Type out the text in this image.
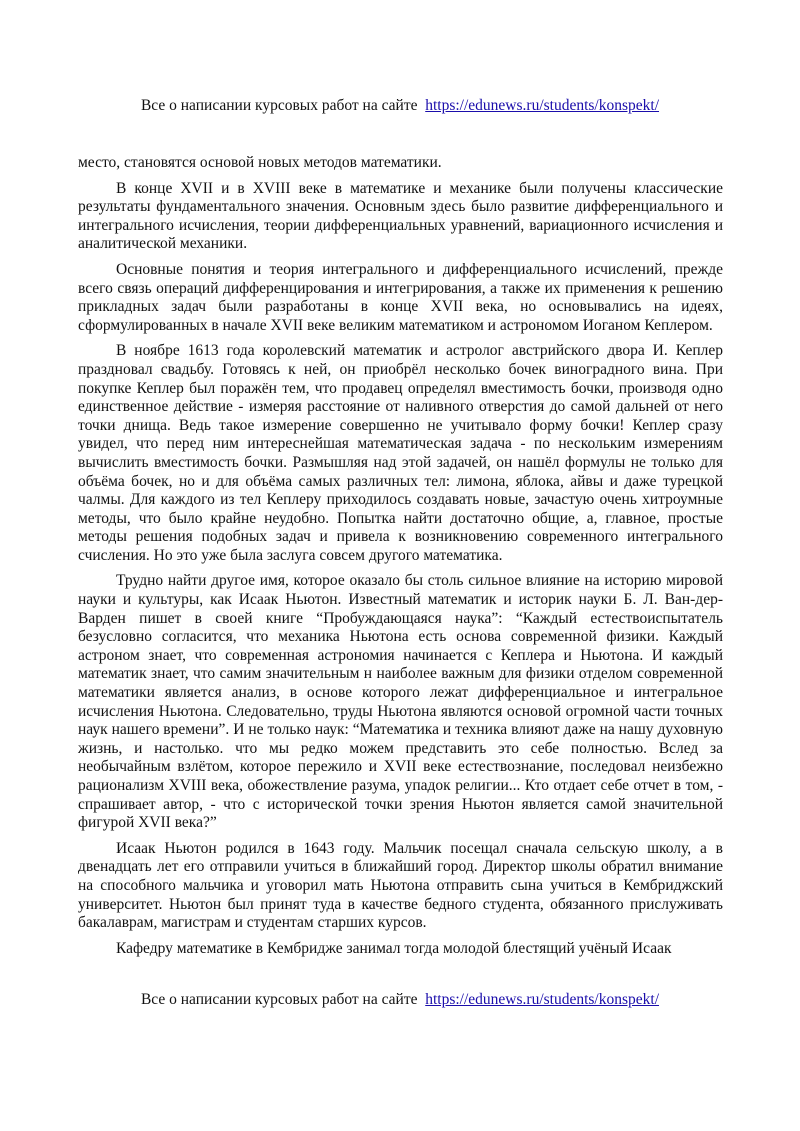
Все о написании курсовых работ на сайте https://edunews.ru/students/konspekt/

место, становятся основой новых методов математики.

В конце XVII и в XVIII веке в математике и механике были получены классические результаты фундаментального значения. Основным здесь было развитие дифференциального и интегрального исчисления, теории дифференциальных уравнений, вариационного исчисления и аналитической механики.

Основные понятия и теория интегрального и дифференциального исчислений, прежде всего связь операций дифференцирования и интегрирования, а также их применения к решению прикладных задач были разработаны в конце XVII века, но основывались на идеях, сформулированных в начале XVII веке великим математиком и астрономом Иоганом Кеплером.

В ноябре 1613 года королевский математик и астролог австрийского двора И. Кеплер праздновал свадьбу. Готовясь к ней, он приобрёл несколько бочек виноградного вина. При покупке Кеплер был поражён тем, что продавец определял вместимость бочки, производя одно единственное действие - измеряя расстояние от наливного отверстия до самой дальней от него точки днища. Ведь такое измерение совершенно не учитывало форму бочки! Кеплер сразу увидел, что перед ним интереснейшая математическая задача - по нескольким измерениям вычислить вместимость бочки. Размышляя над этой задачей, он нашёл формулы не только для объёма бочек, но и для объёма самых различных тел: лимона, яблока, айвы и даже турецкой чалмы. Для каждого из тел Кеплеру приходилось создавать новые, зачастую очень хитроумные методы, что было крайне неудобно. Попытка найти достаточно общие, а, главное, простые методы решения подобных задач и привела к возникновению современного интегрального счисления. Но это уже была заслуга совсем другого математика.

Трудно найти другое имя, которое оказало бы столь сильное влияние на историю мировой науки и культуры, как Исаак Ньютон. Известный математик и историк науки Б. Л. Ван-дер-Варден пишет в своей книге “Пробуждающаяся наука”: “Каждый естествоиспытатель безусловно согласится, что механика Ньютона есть основа современной физики. Каждый астроном знает, что современная астрономия начинается с Кеплера и Ньютона. И каждый математик знает, что самим значительным н наиболее важным для физики отделом современной математики является анализ, в основе которого лежат дифференциальное и интегральное исчисления Ньютона. Следовательно, труды Ньютона являются основой огромной части точных наук нашего времени”. И не только наук: “Математика и техника влияют даже на нашу духовную жизнь, и настолько. что мы редко можем представить это себе полностью. Вслед за необычайным взлётом, которое пережило и XVII веке естествознание, последовал неизбежно рационализм XVIII века, обожествление разума, упадок религии... Кто отдает себе отчет в том, - спрашивает автор, - что с исторической точки зрения Ньютон является самой значительной фигурой XVII века?”

Исаак Ньютон родился в 1643 году. Мальчик посещал сначала сельскую школу, а в двенадцать лет его отправили учиться в ближайший город. Директор школы обратил внимание на способного мальчика и уговорил мать Ньютона отправить сына учиться в Кембриджский университет. Ньютон был принят туда в качестве бедного студента, обязанного прислуживать бакалаврам, магистрам и студентам старших курсов.

Кафедру математике в Кембридже занимал тогда молодой блестящий учёный Исаак

Все о написании курсовых работ на сайте https://edunews.ru/students/konspekt/
